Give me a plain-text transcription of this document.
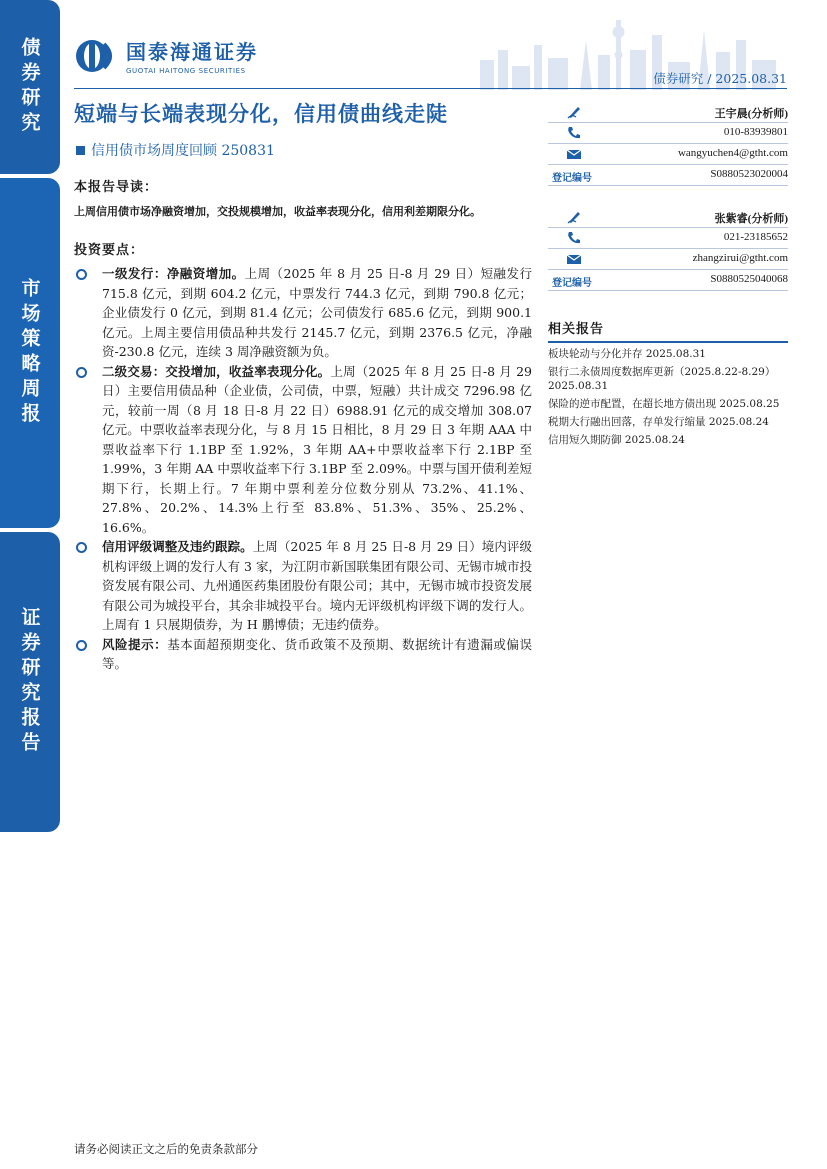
债券研究
市场策略周报
证券研究报告
国泰海通证券
GUOTAI HAITONG SECURITIES	债券研究 / 2025.08.31
短端与长端表现分化，信用债曲线走陡
信用债市场周度回顾 250831
本报告导读：
上周信用债市场净融资增加，交投规模增加，收益率表现分化，信用利差期限分化。
投资要点：
一级发行：净融资增加。上周（2025 年 8 月 25 日-8 月 29 日）短融发行 715.8 亿元，到期 604.2 亿元，中票发行 744.3 亿元，到期 790.8 亿元；企业债发行 0 亿元，到期 81.4 亿元；公司债发行 685.6 亿元，到期 900.1 亿元。上周主要信用债品种共发行 2145.7 亿元，到期 2376.5 亿元，净融资-230.8 亿元，连续 3 周净融资额为负。
二级交易：交投增加，收益率表现分化。上周（2025 年 8 月 25 日-8 月 29 日）主要信用债品种（企业债，公司债，中票，短融）共计成交 7296.98 亿元，较前一周（8 月 18 日-8 月 22 日）6988.91 亿元的成交增加 308.07 亿元。中票收益率表现分化，与 8 月 15 日相比，8 月 29 日 3 年期 AAA 中票收益率下行 1.1BP 至 1.92%，3 年期 AA+中票收益率下行 2.1BP 至 1.99%，3 年期 AA 中票收益率下行 3.1BP 至 2.09%。中票与国开债利差短期下行，长期上行。7 年期中票利差分位数分别从 73.2%、41.1%、27.8%、20.2%、14.3%上行至 83.8%、51.3%、35%、25.2%、16.6%。
信用评级调整及违约跟踪。上周（2025 年 8 月 25 日-8 月 29 日）境内评级机构评级上调的发行人有 3 家，为江阴市新国联集团有限公司、无锡市城市投资发展有限公司、九州通医药集团股份有限公司；其中，无锡市城市投资发展有限公司为城投平台，其余非城投平台。境内无评级机构评级下调的发行人。上周有 1 只展期债券，为 H 鹏博债；无违约债券。
风险提示：基本面超预期变化、货币政策不及预期、数据统计有遗漏或偏误等。
王宇晨(分析师)
010-83939801
wangyuchen4@gtht.com
登记编号	S0880523020004
张紫睿(分析师)
021-23185652
zhangzirui@gtht.com
登记编号	S0880525040068
相关报告
板块轮动与分化并存 2025.08.31
银行二永债周度数据库更新（2025.8.22-8.29）2025.08.31
保险的逆市配置，在超长地方债出现 2025.08.25
税期大行融出回落，存单发行缩量 2025.08.24
信用短久期防御 2025.08.24
请务必阅读正文之后的免责条款部分
